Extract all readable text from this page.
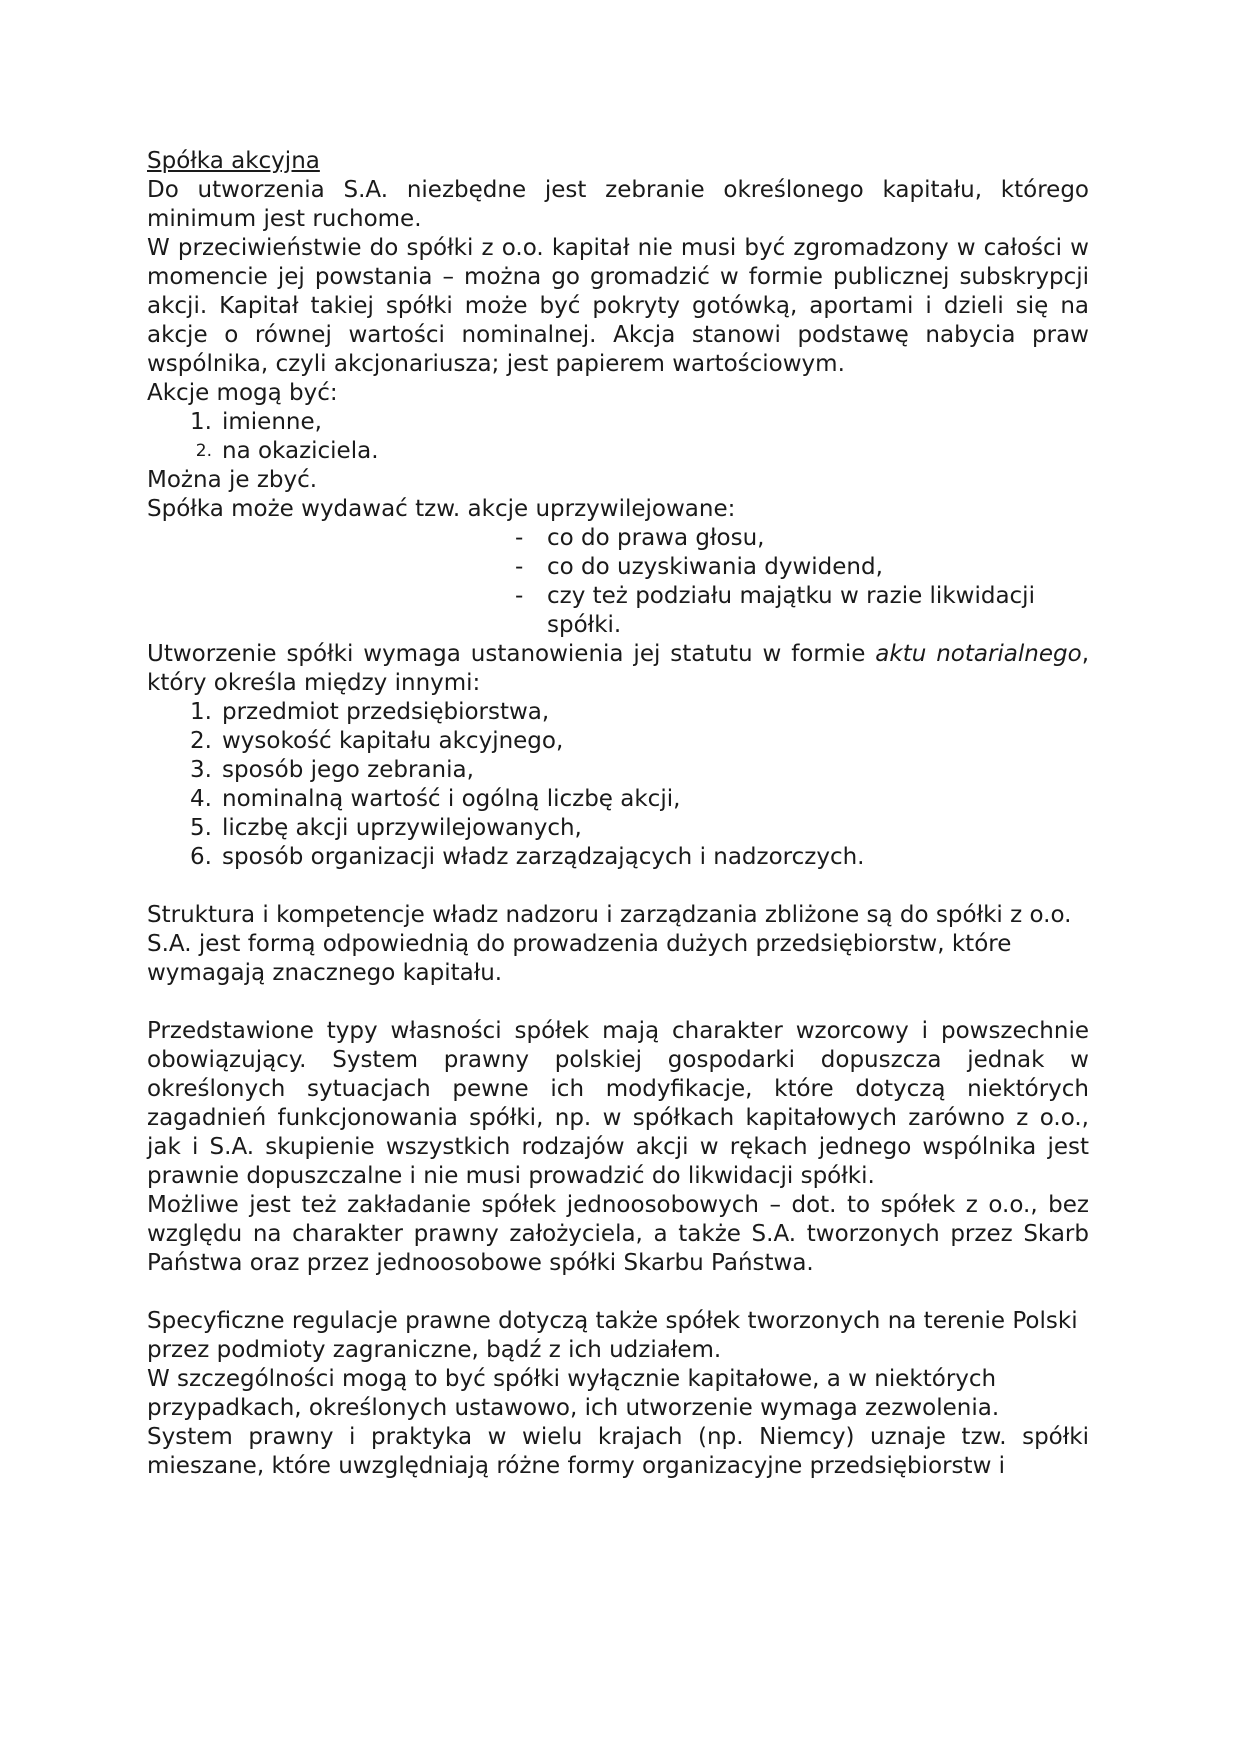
Spółka akcyjna

Do utworzenia S.A. niezbędne jest zebranie określonego kapitału, którego minimum jest ruchome.

W przeciwieństwie do spółki z o.o. kapitał nie musi być zgromadzony w całości w momencie jej powstania – można go gromadzić w formie publicznej subskrypcji akcji. Kapitał takiej spółki może być pokryty gotówką, aportami i dzieli się na akcje o równej wartości nominalnej. Akcja stanowi podstawę nabycia praw wspólnika, czyli akcjonariusza; jest papierem wartościowym.

Akcje mogą być:

1. imienne,
2. na okaziciela.

Można je zbyć.

Spółka może wydawać tzw. akcje uprzywilejowane:

-	co do prawa głosu,
-	co do uzyskiwania dywidend,
-	czy też podziału majątku w razie likwidacji spółki.

Utworzenie spółki wymaga ustanowienia jej statutu w formie aktu notarialnego, który określa między innymi:

1. przedmiot przedsiębiorstwa,
2. wysokość kapitału akcyjnego,
3. sposób jego zebrania,
4. nominalną wartość i ogólną liczbę akcji,
5. liczbę akcji uprzywilejowanych,
6. sposób organizacji władz zarządzających i nadzorczych.

Struktura i kompetencje władz nadzoru i zarządzania zbliżone są do spółki z o.o.

S.A. jest formą odpowiednią do prowadzenia dużych przedsiębiorstw, które wymagają znacznego kapitału.

Przedstawione typy własności spółek mają charakter wzorcowy i powszechnie obowiązujący. System prawny polskiej gospodarki dopuszcza jednak w określonych sytuacjach pewne ich modyfikacje, które dotyczą niektórych zagadnień funkcjonowania spółki, np. w spółkach kapitałowych zarówno z o.o., jak i S.A. skupienie wszystkich rodzajów akcji w rękach jednego wspólnika jest prawnie dopuszczalne i nie musi prowadzić do likwidacji spółki.

Możliwe jest też zakładanie spółek jednoosobowych – dot. to spółek z o.o., bez względu na charakter prawny założyciela, a także S.A. tworzonych przez Skarb Państwa oraz przez jednoosobowe spółki Skarbu Państwa.

Specyficzne regulacje prawne dotyczą także spółek tworzonych na terenie Polski przez podmioty zagraniczne, bądź z ich udziałem.

W szczególności mogą to być spółki wyłącznie kapitałowe, a w niektórych przypadkach, określonych ustawowo, ich utworzenie wymaga zezwolenia.

System prawny i praktyka w wielu krajach (np. Niemcy) uznaje tzw. spółki mieszane, które uwzględniają różne formy organizacyjne przedsiębiorstw i
